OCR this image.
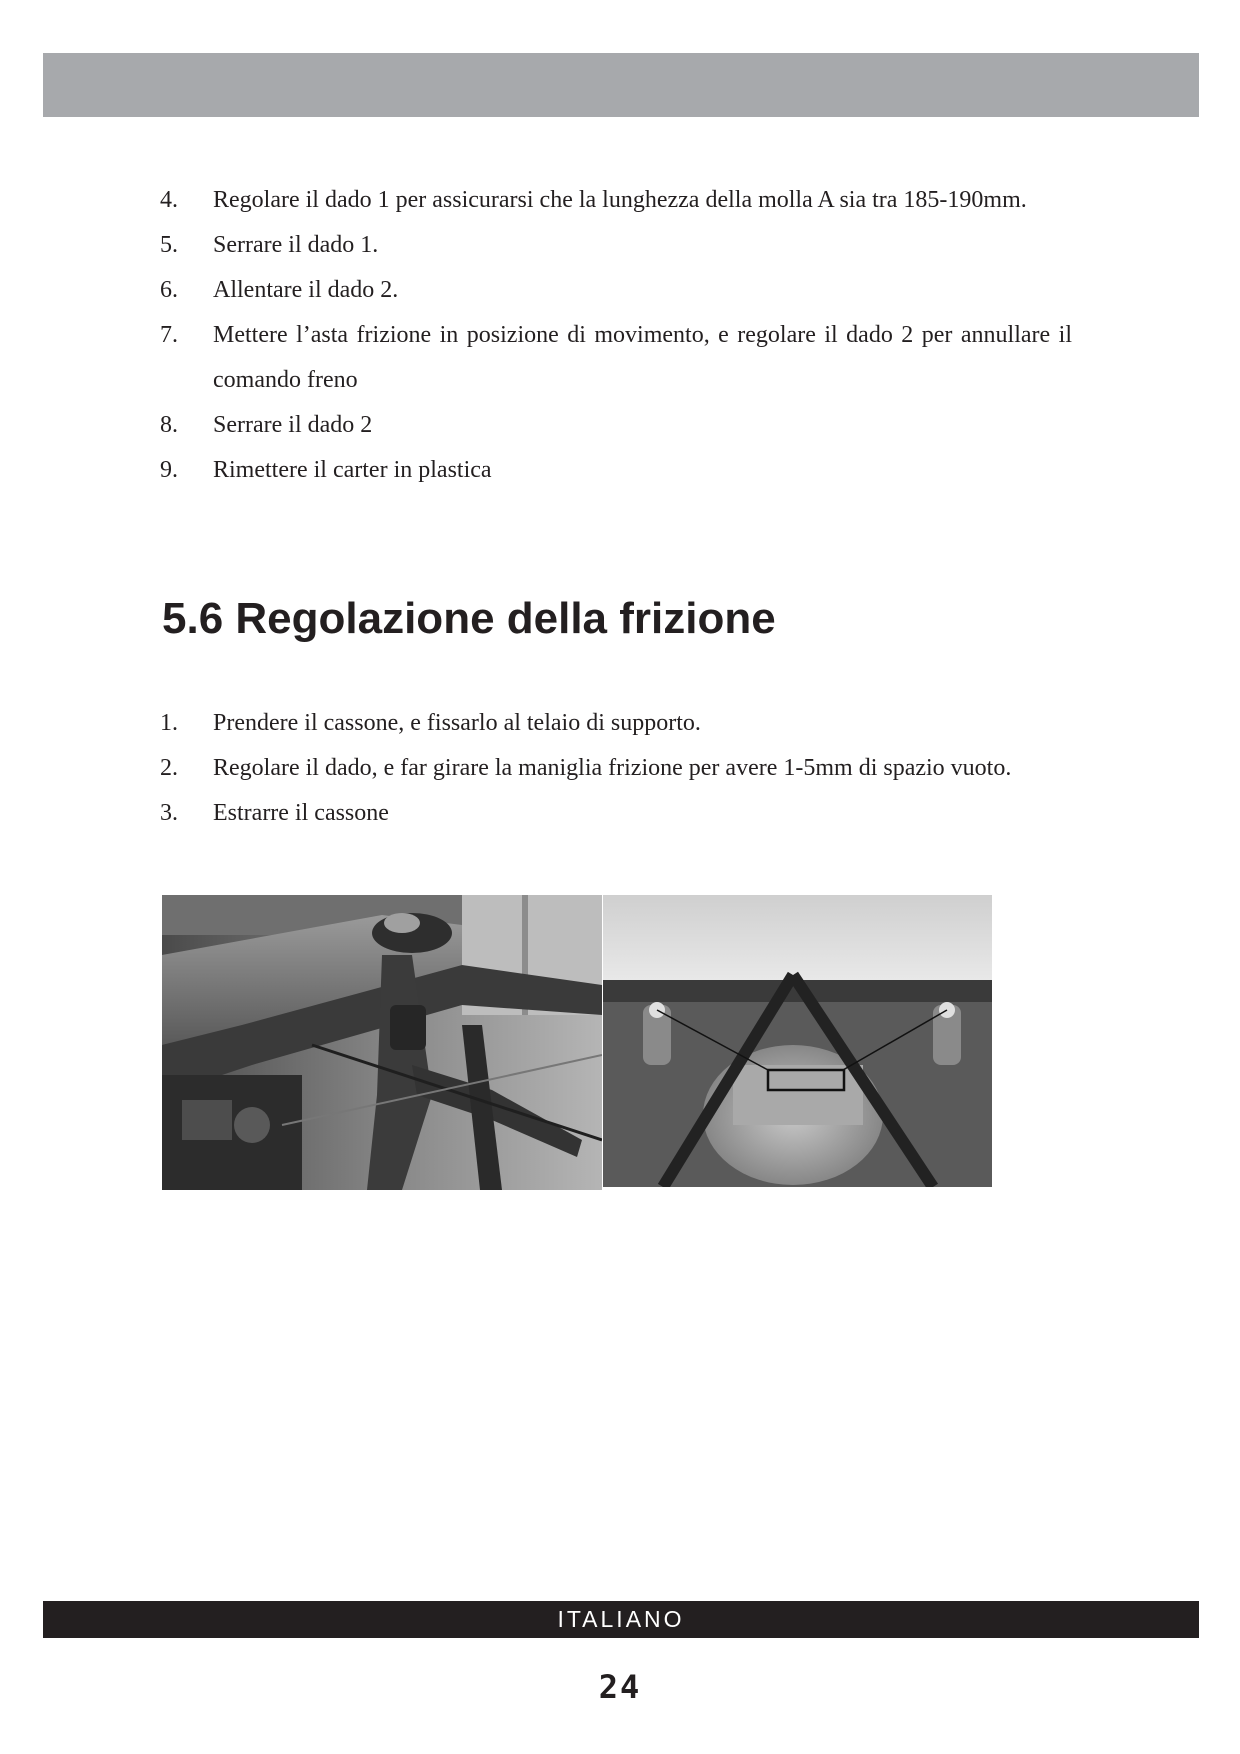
4.	Regolare il dado 1 per assicurarsi che la lunghezza della molla A sia tra 185-190mm.
5.	Serrare il dado 1.
6.	Allentare il dado 2.
7.	Mettere l’asta frizione in posizione di movimento, e regolare il dado 2 per annullare il comando freno
8.	Serrare il dado 2
9.	Rimettere il carter in plastica
5.6 Regolazione della frizione
1.	Prendere il cassone, e fissarlo al telaio di supporto.
2.	Regolare il dado, e far girare la maniglia frizione per avere 1-5mm di spazio vuoto.
3.	Estrarre il cassone
ITALIANO
24
